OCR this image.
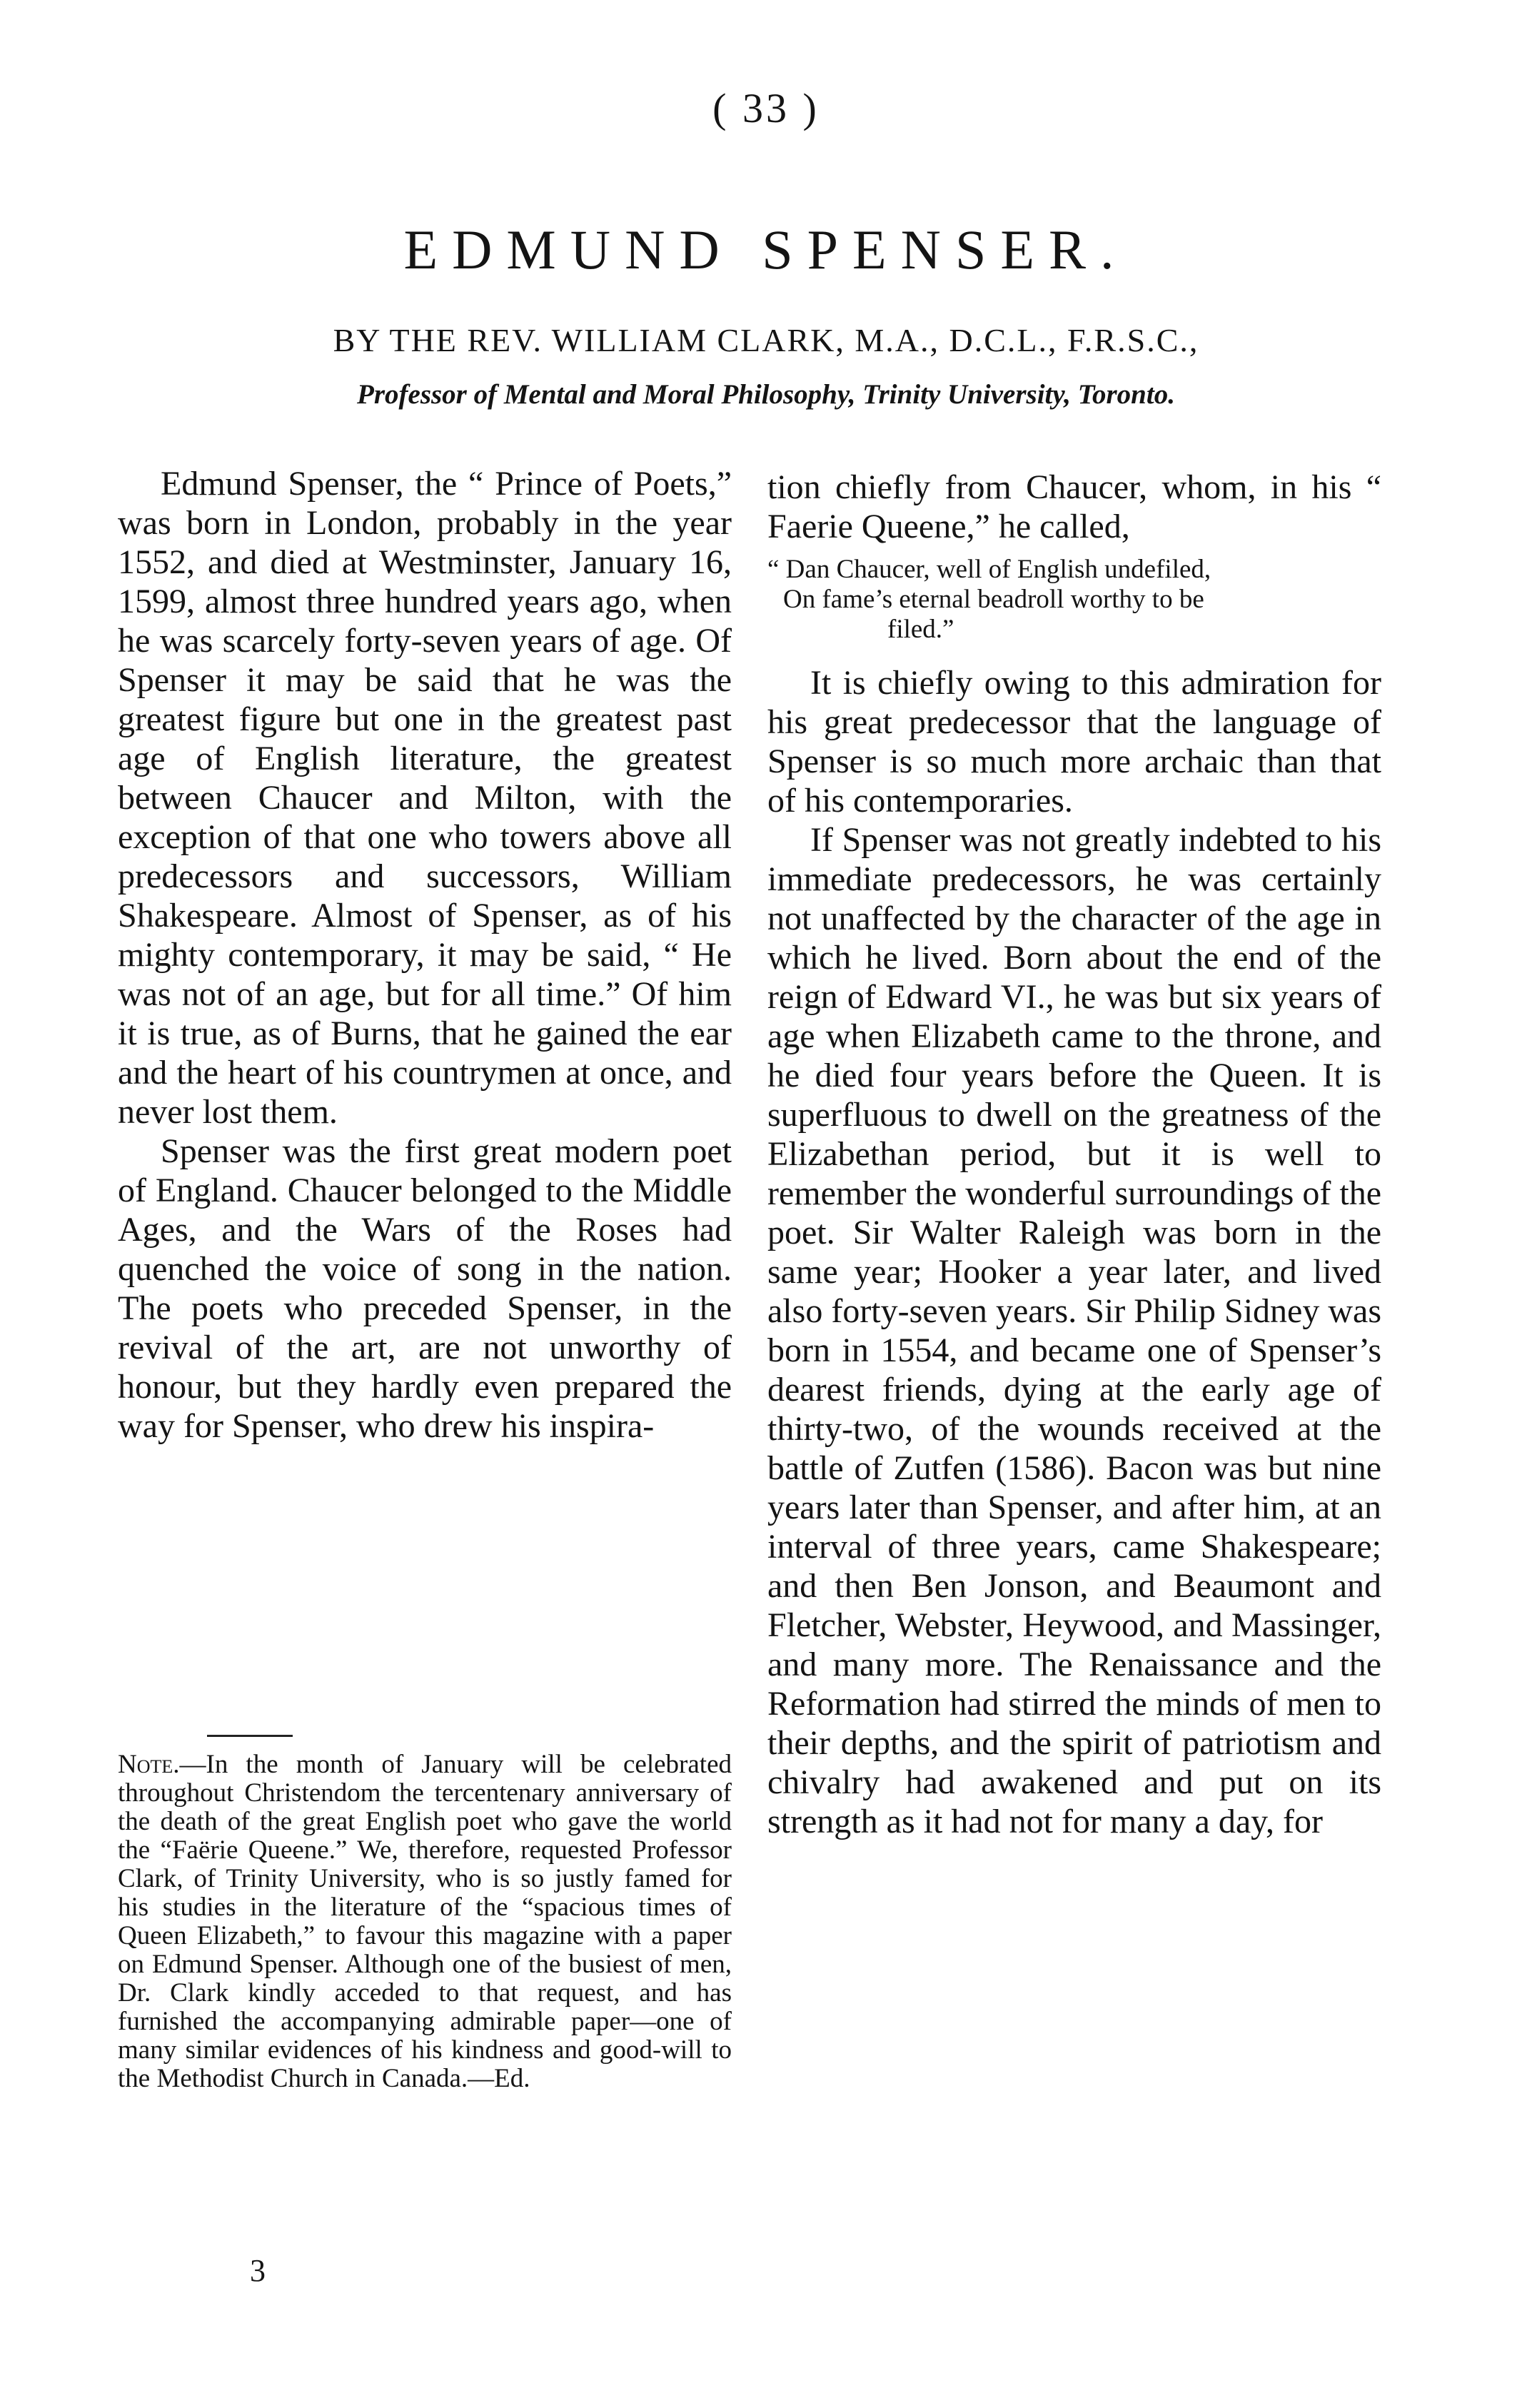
( 33 )
EDMUND SPENSER.
BY THE REV. WILLIAM CLARK, M.A., D.C.L., F.R.S.C.,
Professor of Mental and Moral Philosophy, Trinity University, Toronto.

Edmund Spenser, the “ Prince of Poets,” was born in London, probably in the year 1552, and died at Westminster, January 16, 1599, almost three hundred years ago, when he was scarcely forty-seven years of age. Of Spenser it may be said that he was the greatest figure but one in the greatest past age of English literature, the greatest between Chaucer and Milton, with the exception of that one who towers above all predecessors and successors, William Shakespeare. Almost of Spenser, as of his mighty contemporary, it may be said, “ He was not of an age, but for all time.” Of him it is true, as of Burns, that he gained the ear and the heart of his countrymen at once, and never lost them.

Spenser was the first great modern poet of England. Chaucer belonged to the Middle Ages, and the Wars of the Roses had quenched the voice of song in the nation. The poets who preceded Spenser, in the revival of the art, are not unworthy of honour, but they hardly even prepared the way for Spenser, who drew his inspira-

tion chiefly from Chaucer, whom, in his “ Faerie Queene,” he called,

“ Dan Chaucer, well of English undefiled,
On fame’s eternal beadroll worthy to be
filed.”

It is chiefly owing to this admiration for his great predecessor that the language of Spenser is so much more archaic than that of his contemporaries.

If Spenser was not greatly indebted to his immediate predecessors, he was certainly not unaffected by the character of the age in which he lived. Born about the end of the reign of Edward VI., he was but six years of age when Elizabeth came to the throne, and he died four years before the Queen. It is superfluous to dwell on the greatness of the Elizabethan period, but it is well to remember the wonderful surroundings of the poet. Sir Walter Raleigh was born in the same year; Hooker a year later, and lived also forty-seven years. Sir Philip Sidney was born in 1554, and became one of Spenser’s dearest friends, dying at the early age of thirty-two, of the wounds received at the battle of Zutfen (1586). Bacon was but nine years later than Spenser, and after him, at an interval of three years, came Shakespeare; and then Ben Jonson, and Beaumont and Fletcher, Webster, Heywood, and Massinger, and many more. The Renaissance and the Reformation had stirred the minds of men to their depths, and the spirit of patriotism and chivalry had awakened and put on its strength as it had not for many a day, for

Note.—In the month of January will be celebrated throughout Christendom the tercentenary anniversary of the death of the great English poet who gave the world the “Faërie Queene.” We, therefore, requested Professor Clark, of Trinity University, who is so justly famed for his studies in the literature of the “spacious times of Queen Elizabeth,” to favour this magazine with a paper on Edmund Spenser. Although one of the busiest of men, Dr. Clark kindly acceded to that request, and has furnished the accompanying admirable paper—one of many similar evidences of his kindness and good-will to the Methodist Church in Canada.—Ed.

3
